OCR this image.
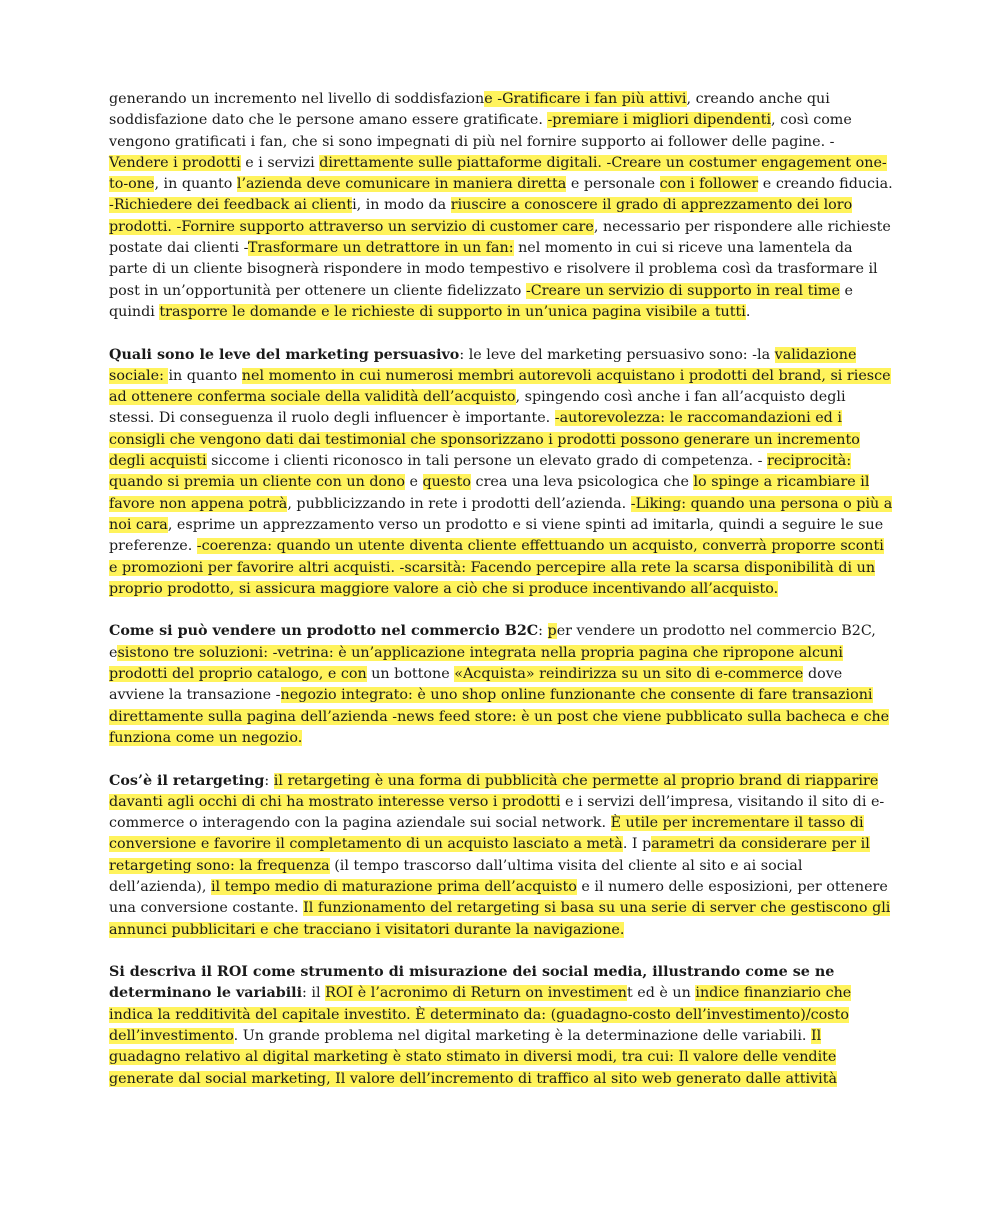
generando un incremento nel livello di soddisfazione -Gratificare i fan più attivi, creando anche qui soddisfazione dato che le persone amano essere gratificate. -premiare i migliori dipendenti, così come vengono gratificati i fan, che si sono impegnati di più nel fornire supporto ai follower delle pagine. - Vendere i prodotti e i servizi direttamente sulle piattaforme digitali. -Creare un costumer engagement one-to-one, in quanto l’azienda deve comunicare in maniera diretta e personale con i follower e creando fiducia. -Richiedere dei feedback ai clienti, in modo da riuscire a conoscere il grado di apprezzamento dei loro prodotti. -Fornire supporto attraverso un servizio di customer care, necessario per rispondere alle richieste postate dai clienti -Trasformare un detrattore in un fan: nel momento in cui si riceve una lamentela da parte di un cliente bisognerà rispondere in modo tempestivo e risolvere il problema così da trasformare il post in un’opportunità per ottenere un cliente fidelizzato -Creare un servizio di supporto in real time e quindi trasporre le domande e le richieste di supporto in un’unica pagina visibile a tutti.

Quali sono le leve del marketing persuasivo: le leve del marketing persuasivo sono: -la validazione sociale: in quanto nel momento in cui numerosi membri autorevoli acquistano i prodotti del brand, si riesce ad ottenere conferma sociale della validità dell’acquisto, spingendo così anche i fan all’acquisto degli stessi. Di conseguenza il ruolo degli influencer è importante. -autorevolezza: le raccomandazioni ed i consigli che vengono dati dai testimonial che sponsorizzano i prodotti possono generare un incremento degli acquisti siccome i clienti riconosco in tali persone un elevato grado di competenza. - reciprocità: quando si premia un cliente con un dono e questo crea una leva psicologica che lo spinge a ricambiare il favore non appena potrà, pubblicizzando in rete i prodotti dell’azienda. -Liking: quando una persona o più a noi cara, esprime un apprezzamento verso un prodotto e si viene spinti ad imitarla, quindi a seguire le sue preferenze. -coerenza: quando un utente diventa cliente effettuando un acquisto, converrà proporre sconti e promozioni per favorire altri acquisti. -scarsità: Facendo percepire alla rete la scarsa disponibilità di un proprio prodotto, si assicura maggiore valore a ciò che si produce incentivando all’acquisto.

Come si può vendere un prodotto nel commercio B2C: per vendere un prodotto nel commercio B2C, esistono tre soluzioni: -vetrina: è un’applicazione integrata nella propria pagina che ripropone alcuni prodotti del proprio catalogo, e con un bottone «Acquista» reindirizza su un sito di e-commerce dove avviene la transazione -negozio integrato: è uno shop online funzionante che consente di fare transazioni direttamente sulla pagina dell’azienda -news feed store: è un post che viene pubblicato sulla bacheca e che funziona come un negozio.

Cos’è il retargeting: il retargeting è una forma di pubblicità che permette al proprio brand di riapparire davanti agli occhi di chi ha mostrato interesse verso i prodotti e i servizi dell’impresa, visitando il sito di e-commerce o interagendo con la pagina aziendale sui social network. È utile per incrementare il tasso di conversione e favorire il completamento di un acquisto lasciato a metà. I parametri da considerare per il retargeting sono: la frequenza (il tempo trascorso dall’ultima visita del cliente al sito e ai social dell’azienda), il tempo medio di maturazione prima dell’acquisto e il numero delle esposizioni, per ottenere una conversione costante. Il funzionamento del retargeting si basa su una serie di server che gestiscono gli annunci pubblicitari e che tracciano i visitatori durante la navigazione.

Si descriva il ROI come strumento di misurazione dei social media, illustrando come se ne determinano le variabili: il ROI è l’acronimo di Return on investiment ed è un indice finanziario che indica la redditività del capitale investito. È determinato da: (guadagno-costo dell’investimento)/costo dell’investimento. Un grande problema nel digital marketing è la determinazione delle variabili. Il guadagno relativo al digital marketing è stato stimato in diversi modi, tra cui: Il valore delle vendite generate dal social marketing, Il valore dell’incremento di traffico al sito web generato dalle attività
